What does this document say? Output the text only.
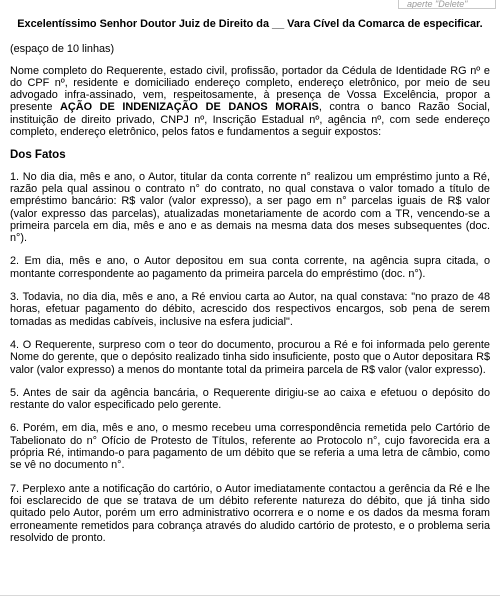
aperte "Delete"
Excelentíssimo Senhor Doutor Juiz de Direito da __ Vara Cível da Comarca de especificar.

(espaço de 10 linhas)

Nome completo do Requerente, estado civil, profissão, portador da Cédula de Identidade RG nº e do CPF nº, residente e domiciliado endereço completo, endereço eletrônico, por meio de seu advogado infra-assinado, vem, respeitosamente, à presença de Vossa Excelência, propor a presente AÇÃO DE INDENIZAÇÃO DE DANOS MORAIS, contra o banco Razão Social, instituição de direito privado, CNPJ nº, Inscrição Estadual nº, agência nº, com sede endereço completo, endereço eletrônico, pelos fatos e fundamentos a seguir expostos:

Dos Fatos

1. No dia dia, mês e ano, o Autor, titular da conta corrente n° realizou um empréstimo junto a Ré, razão pela qual assinou o contrato n° do contrato, no qual constava o valor tomado a título de empréstimo bancário: R$ valor (valor expresso), a ser pago em n° parcelas iguais de R$ valor (valor expresso das parcelas), atualizadas monetariamente de acordo com a TR, vencendo-se a primeira parcela em dia, mês e ano e as demais na mesma data dos meses subsequentes (doc. n°).

2. Em dia, mês e ano, o Autor depositou em sua conta corrente, na agência supra citada, o montante correspondente ao pagamento da primeira parcela do empréstimo (doc. n°).

3. Todavia, no dia dia, mês e ano, a Ré enviou carta ao Autor, na qual constava: "no prazo de 48 horas, efetuar pagamento do débito, acrescido dos respectivos encargos, sob pena de serem tomadas as medidas cabíveis, inclusive na esfera judicial".

4. O Requerente, surpreso com o teor do documento, procurou a Ré e foi informada pelo gerente Nome do gerente, que o depósito realizado tinha sido insuficiente, posto que o Autor depositara R$ valor (valor expresso) a menos do montante total da primeira parcela de R$ valor (valor expresso).

5. Antes de sair da agência bancária, o Requerente dirigiu-se ao caixa e efetuou o depósito do restante do valor especificado pelo gerente.

6. Porém, em dia, mês e ano, o mesmo recebeu uma correspondência remetida pelo Cartório de Tabelionato do n° Ofício de Protesto de Títulos, referente ao Protocolo n°, cujo favorecida era a própria Ré, intimando-o para pagamento de um débito que se referia a uma letra de câmbio, como se vê no documento n°.

7. Perplexo ante a notificação do cartório, o Autor imediatamente contactou a gerência da Ré e lhe foi esclarecido de que se tratava de um débito referente natureza do débito, que já tinha sido quitado pelo Autor, porém um erro administrativo ocorrera e o nome e os dados da mesma foram erroneamente remetidos para cobrança através do aludido cartório de protesto, e o problema seria resolvido de pronto.
